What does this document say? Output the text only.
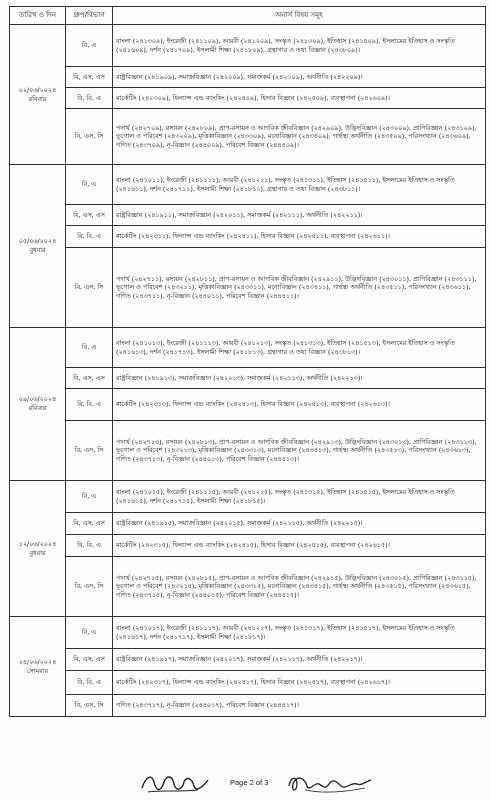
তারিখ ও দিন	গ্রুপ/বিভাগ	অনার্স বিষয় সমূহ

০২/০৬/২০২৪
রবিবার	বি, এ	বাংলা (২৪১৩০৯), ইংরেজী (২৪১১০৯), আরবী (২৪১২০৯), সংস্কৃত (২৪১৩০৯), ইতিহাস (২৪১৫০৯), ইসলামের ইতিহাস ও সংস্কৃতি (২৪১৬০৯), দর্শন (২৪১৭০৯), ইসলামী শিক্ষা (২৪১৮০৯), গ্রন্থাগার ও তথ্য বিজ্ঞান (২৪৩৮০৯)।
	বি, এস, এস	রাষ্ট্রবিজ্ঞান (২৪১৯০৯), সমাজবিজ্ঞান (২৪২০০৯), সমাজকর্ম (২৪২১০৯), অর্থনীতি (২৪২২০৯)।
	বি, বি, এ	মার্কেটিং (২৪২৩০৯), ফিন্যান্স এন্ড ব্যাংকিং (২৪২৪০৯), হিসাব বিজ্ঞান (২৪২৫০৯), ব্যবস্থাপনা (২৪২৬০৯)।
	বি, এস, সি	পদার্থ (২৪২৭০৯), রসায়ন (২৪২৮০৯), প্রাণ-রসায়ন ও আণবিক জীববিজ্ঞান (২৪২৯০৯), উদ্ভিদবিজ্ঞান (২৪৩০০৯), প্রাণিবিজ্ঞান (২৪৩১০৯), ভূগোল ও পরিবেশ (২৪৩২০৯), মৃত্তিকাবিজ্ঞান (২৪৩৩০৯), মনোবিজ্ঞান (২৪৩৪০৯), গার্হস্থ্য অর্থনীতি (২৪৩৫০৯), পরিসংখ্যান (২৪৩৬০৯), গণিত (২৪৩৭০৯), নৃ-বিজ্ঞান (২৪৪০০৯), পরিবেশ বিজ্ঞান (২৪৪৪০৯)।

০৫/০৬/২০২৪
বুধবার	বি, এ	বাংলা (২৪১০১১), ইংরেজী (২৪১১১১), আরবী (২৪১২১১), সংস্কৃত (২৪১৩১১), ইতিহাস (২৪১৫১১), ইসলামের ইতিহাস ও সংস্কৃতি (২৪১৬১১), দর্শন (২৪১৭১১), ইসলামী শিক্ষা (২৪১৮১১), গ্রন্থাগার ও তথ্য বিজ্ঞান (২৪৩৮১১)।
	বি, এস, এস	রাষ্ট্রবিজ্ঞান (২৪১৯১১), সমাজবিজ্ঞান (২৪২০১১), সমাজকর্ম (২৪২১১১), অর্থনীতি (২৪২২১১)।
	বি, বি, এ	মার্কেটিং (২৪২৩১১), ফিন্যান্স এন্ড ব্যাংকিং (২৪২৪১১), হিসাব বিজ্ঞান (২৪২৫১১), ব্যবস্থাপনা (২৪২৬১১)।
	বি, এস, সি	পদার্থ (২৪২৭১১), রসায়ন (২৪২৮১১), প্রাণ-রসায়ন ও আণবিক জীববিজ্ঞান (২৪২৯১১), উদ্ভিদবিজ্ঞান (২৪৩০১১), প্রাণিবিজ্ঞান (২৪৩১১১), ভূগোল ও পরিবেশ (২৪৩২১১), মৃত্তিকাবিজ্ঞান (২৪৩৩১১), মনোবিজ্ঞান (২৪৩৪১১), গার্হস্থ্য অর্থনীতি (২৪৩৫১১), পরিসংখ্যান (২৪৩৬১১), গণিত (২৪৩৭১১), নৃ-বিজ্ঞান (২৪৪০১১), পরিবেশ বিজ্ঞান (২৪৪৪১১)।

০৯/০৬/২০২৪
রবিবার	বি, এ	বাংলা (২৪১০১৩), ইংরেজী (২৪১১১৩), আরবী (২৪১২১৩), সংস্কৃত (২৪১৩১৩), ইতিহাস (২৪১৫১৩), ইসলামের ইতিহাস ও সংস্কৃতি (২৪১৬১৩), দর্শন (২৪১৭১৩), ইসলামী শিক্ষা (২৪১৮১৩), গ্রন্থাগার ও তথ্য বিজ্ঞান (২৪৩৮১৩)।
	বি, এস, এস	রাষ্ট্রবিজ্ঞান (২৪১৯১৩), সমাজবিজ্ঞান (২৪২০১৩), সমাজকর্ম (২৪২১১৩), অর্থনীতি (২৪২২১৩)।
	বি, বি, এ	মার্কেটিং (২৪২৩১৩), ফিন্যান্স এন্ড ব্যাংকিং (২৪২৪১৩), হিসাব বিজ্ঞান (২৪২৫১৩), ব্যবস্থাপনা (২৪২৬১৩)।
	বি, এস, সি	পদার্থ (২৪২৭১৩), রসায়ন (২৪২৮১৩), প্রাণ-রসায়ন ও আণবিক জীববিজ্ঞান (২৪২৯১৩), উদ্ভিদবিজ্ঞান (২৪৩০১৩), প্রাণিবিজ্ঞান (২৪৩১১৩), ভূগোল ও পরিবেশ (২৪৩২১৩), মৃত্তিকাবিজ্ঞান (২৪৩৩১৩), মনোবিজ্ঞান (২৪৩৪১৩), গার্হস্থ্য অর্থনীতি (২৪৩৫১৩), পরিসংখ্যান (২৪৩৬১৩), গণিত (২৪৩৭১৩), নৃ-বিজ্ঞান (২৪৪০১৩), পরিবেশ বিজ্ঞান (২৪৪৪১৩)।

১২/০৬/২০২৪
বুধবার	বি, এ	বাংলা (২৪১০১৫), ইংরেজী (২৪১১১৫), আরবী (২৪১২১৫), সংস্কৃত (২৪১৩১৫), ইতিহাস (২৪১৫১৫), ইসলামের ইতিহাস ও সংস্কৃতি (২৪১৬১৫), দর্শন (২৪১৭১৫), ইসলামী শিক্ষা (২৪১৮১৫)।
	বি, এস, এস	রাষ্ট্রবিজ্ঞান (২৪১৯১৫), সমাজবিজ্ঞান (২৪২০১৫), সমাজকর্ম (২৪২১১৫), অর্থনীতি (২৪২২১৫)।
	বি, বি, এ	মার্কেটিং (২৪২৩১৫), ফিন্যান্স এন্ড ব্যাংকিং (২৪২৪১৫), হিসাব বিজ্ঞান (২৪২৫১৫), ব্যবস্থাপনা (২৪২৬১৫)।
	বি, এস, সি	পদার্থ (২৪২৭১৫), রসায়ন (২৪২৮১৫), প্রাণ-রসায়ন ও আণবিক জীববিজ্ঞান (২৪২৯১৫), উদ্ভিদবিজ্ঞান (২৪৩০১৫), প্রাণিবিজ্ঞান (২৪৩১১৫), ভূগোল ও পরিবেশ (২৪৩২১৫), মৃত্তিকাবিজ্ঞান (২৪৩৩১৫), মনোবিজ্ঞান (২৪৩৪১৫), গার্হস্থ্য অর্থনীতি (২৪৩৫১৫), পরিসংখ্যান (২৪৩৬১৫), গণিত (২৪৩৭১৫), নৃ-বিজ্ঞান (২৪৪০১৫), পরিবেশ বিজ্ঞান (২৪৪৪১৫)।

২৪/০৬/২০২৪
সোমবার	বি, এ	বাংলা (২৪১০১৭), ইংরেজী (২৪১১১৭), আরবী (২৪১২১৭), সংস্কৃত (২৪১৩১৭), ইতিহাস (২৪১৫১৭), ইসলামের ইতিহাস ও সংস্কৃতি (২৪১৬১৭), দর্শন (২৪১৭১৭), ইসলামী শিক্ষা (২৪১৮১৭)।
	বি, এস, এস	রাষ্ট্রবিজ্ঞান (২৪১৯১৭), সমাজবিজ্ঞান (২৪২০১৭), সমাজকর্ম (২৪২১১৭), অর্থনীতি (২৪২২১৭)।
	বি, বি, এ	মার্কেটিং (২৪২৩১৭), ফিন্যান্স এন্ড ব্যাংকিং (২৪২৪১৭), হিসাব বিজ্ঞান (২৪২৫১৭), ব্যবস্থাপনা (২৪২৬১৭)।
	বি, এস, সি	গণিত (২৪৩৭১৭), নৃ-বিজ্ঞান (২৪৪০১৭), পরিবেশ বিজ্ঞান (২৪৪৪১৭)।
Page 2 of 3
